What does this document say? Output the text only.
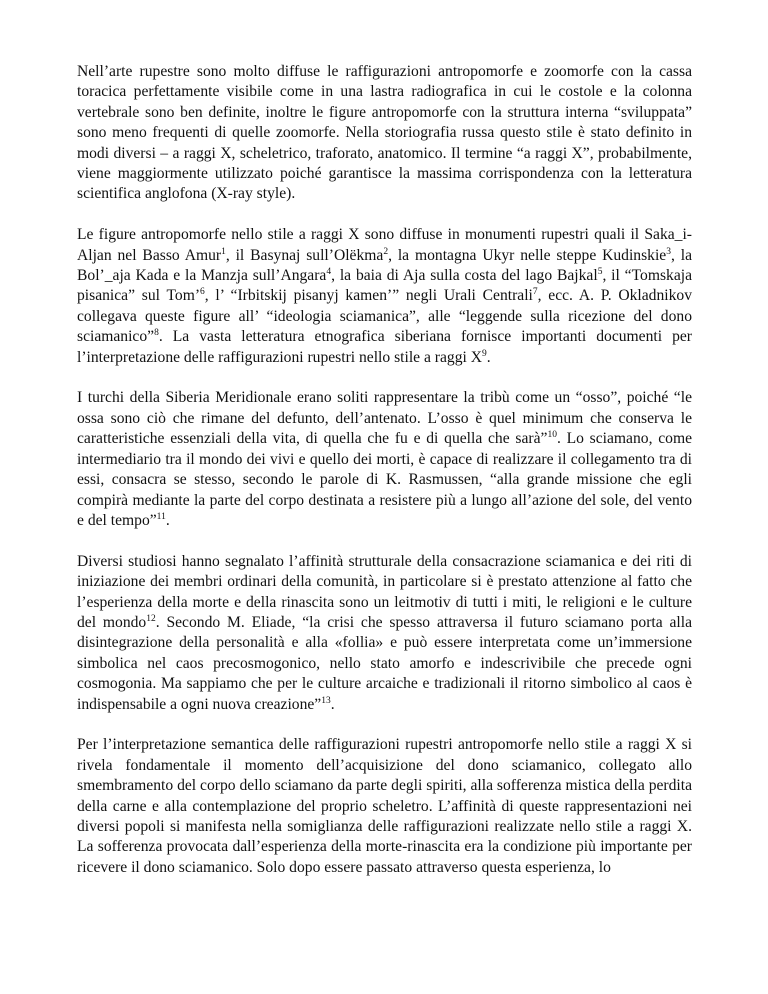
Nell’arte rupestre sono molto diffuse le raffigurazioni antropomorfe e zoomorfe con la cassa toracica perfettamente visibile come in una lastra radiografica in cui le costole e la colonna vertebrale sono ben definite, inoltre le figure antropomorfe con la struttura interna “sviluppata” sono meno frequenti di quelle zoomorfe. Nella storiografia russa questo stile è stato definito in modi diversi – a raggi X, scheletrico, traforato, anatomico. Il termine “a raggi X”, probabilmente, viene maggiormente utilizzato poiché garantisce la massima corrispondenza con la letteratura scientifica anglofona (X-ray style).

Le figure antropomorfe nello stile a raggi X sono diffuse in monumenti rupestri quali il Saka_i-Aljan nel Basso Amur$^1$, il Basynaj sull’Olëkma$^2$, la montagna Ukyr nelle steppe Kudinskie$^3$, la Bol’_aja Kada e la Manzja sull’Angara$^4$, la baia di Aja sulla costa del lago Bajkal$^5$, il “Tomskaja pisanica” sul Tom’$^6$, l’ “Irbitskij pisanyj kamen’” negli Urali Centrali$^7$, ecc. A. P. Okladnikov collegava queste figure all’ “ideologia sciamanica”, alle “leggende sulla ricezione del dono sciamanico”$^8$. La vasta letteratura etnografica siberiana fornisce importanti documenti per l’interpretazione delle raffigurazioni rupestri nello stile a raggi $X^9$.

I turchi della Siberia Meridionale erano soliti rappresentare la tribù come un “osso”, poiché “le ossa sono ciò che rimane del defunto, dell’antenato. L’osso è quel minimum che conserva le caratteristiche essenziali della vita, di quella che fu e di quella che sarà”$^{10}$. Lo sciamano, come intermediario tra il mondo dei vivi e quello dei morti, è capace di realizzare il collegamento tra di essi, consacra se stesso, secondo le parole di K. Rasmussen, “alla grande missione che egli compirà mediante la parte del corpo destinata a resistere più a lungo all’azione del sole, del vento e del tempo”$^{11}$.

Diversi studiosi hanno segnalato l’affinità strutturale della consacrazione sciamanica e dei riti di iniziazione dei membri ordinari della comunità, in particolare si è prestato attenzione al fatto che l’esperienza della morte e della rinascita sono un leitmotiv di tutti i miti, le religioni e le culture del mondo$^{12}$. Secondo M. Eliade, “la crisi che spesso attraversa il futuro sciamano porta alla disintegrazione della personalità e alla «follia» e può essere interpretata come un’immersione simbolica nel caos precosmogonico, nello stato amorfo e indescrivibile che precede ogni cosmogonia. Ma sappiamo che per le culture arcaiche e tradizionali il ritorno simbolico al caos è indispensabile a ogni nuova creazione”$^{13}$.

Per l’interpretazione semantica delle raffigurazioni rupestri antropomorfe nello stile a raggi X si rivela fondamentale il momento dell’acquisizione del dono sciamanico, collegato allo smembramento del corpo dello sciamano da parte degli spiriti, alla sofferenza mistica della perdita della carne e alla contemplazione del proprio scheletro. L’affinità di queste rappresentazioni nei diversi popoli si manifesta nella somiglianza delle raffigurazioni realizzate nello stile a raggi X. La sofferenza provocata dall’esperienza della morte-rinascita era la condizione più importante per ricevere il dono sciamanico. Solo dopo essere passato attraverso questa esperienza, lo
